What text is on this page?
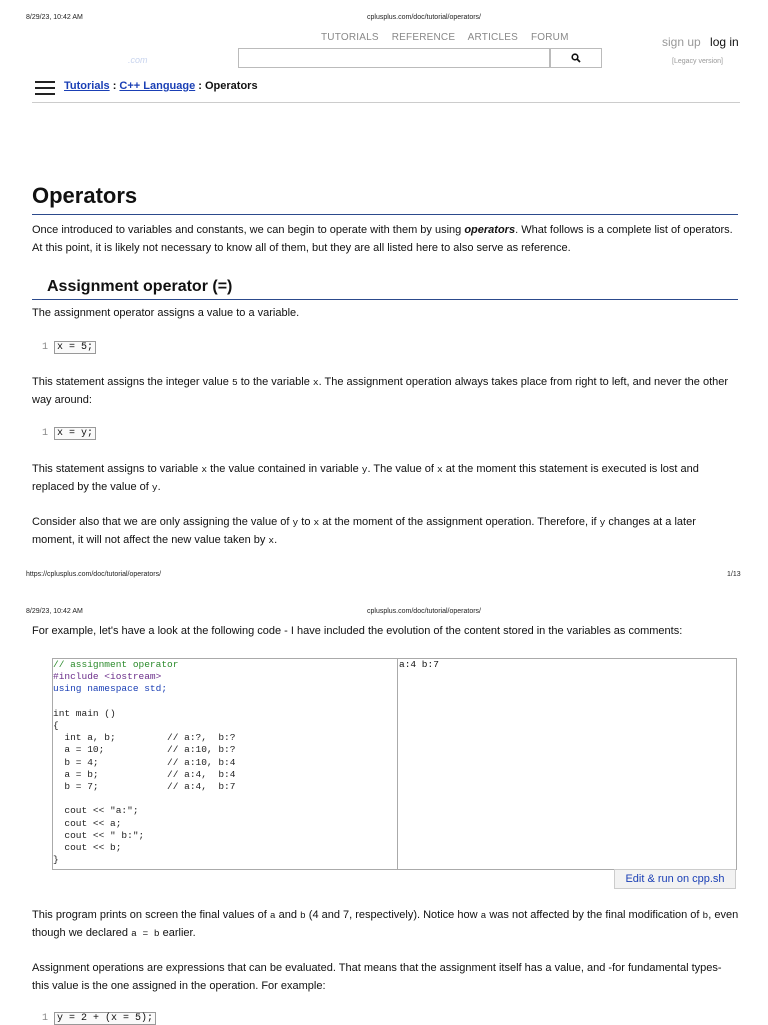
8/29/23, 10:42 AM	cplusplus.com/doc/tutorial/operators/
TUTORIALS REFERENCE ARTICLES FORUM
.com
sign up log in
[Legacy version]
Tutorials : C++ Language : Operators
Operators

Once introduced to variables and constants, we can begin to operate with them by using operators. What follows is a complete list of operators. At this point, it is likely not necessary to know all of them, but they are all listed here to also serve as reference.

Assignment operator (=)

The assignment operator assigns a value to a variable.

1 x = 5;

This statement assigns the integer value 5 to the variable x. The assignment operation always takes place from right to left, and never the other way around:

1 x = y;

This statement assigns to variable x the value contained in variable y. The value of x at the moment this statement is executed is lost and replaced by the value of y.

Consider also that we are only assigning the value of y to x at the moment of the assignment operation. Therefore, if y changes at a later moment, it will not affect the new value taken by x.

https://cplusplus.com/doc/tutorial/operators/	1/13
8/29/23, 10:42 AM	cplusplus.com/doc/tutorial/operators/

For example, let's have a look at the following code - I have included the evolution of the content stored in the variables as comments:

// assignment operator
#include <iostream>
using namespace std;

int main ()
{
int a, b;         // a:?,  b:?
a = 10;           // a:10, b:?
b = 4;            // a:10, b:4
a = b;            // a:4,  b:4
b = 7;            // a:4,  b:7

cout << "a:";
cout << a;
cout << " b:";
cout << b;
}
a:4 b:7
Edit & run on cpp.sh

This program prints on screen the final values of a and b (4 and 7, respectively). Notice how a was not affected by the final modification of b, even though we declared a = b earlier.

Assignment operations are expressions that can be evaluated. That means that the assignment itself has a value, and -for fundamental types- this value is the one assigned in the operation. For example:

1 y = 2 + (x = 5);
